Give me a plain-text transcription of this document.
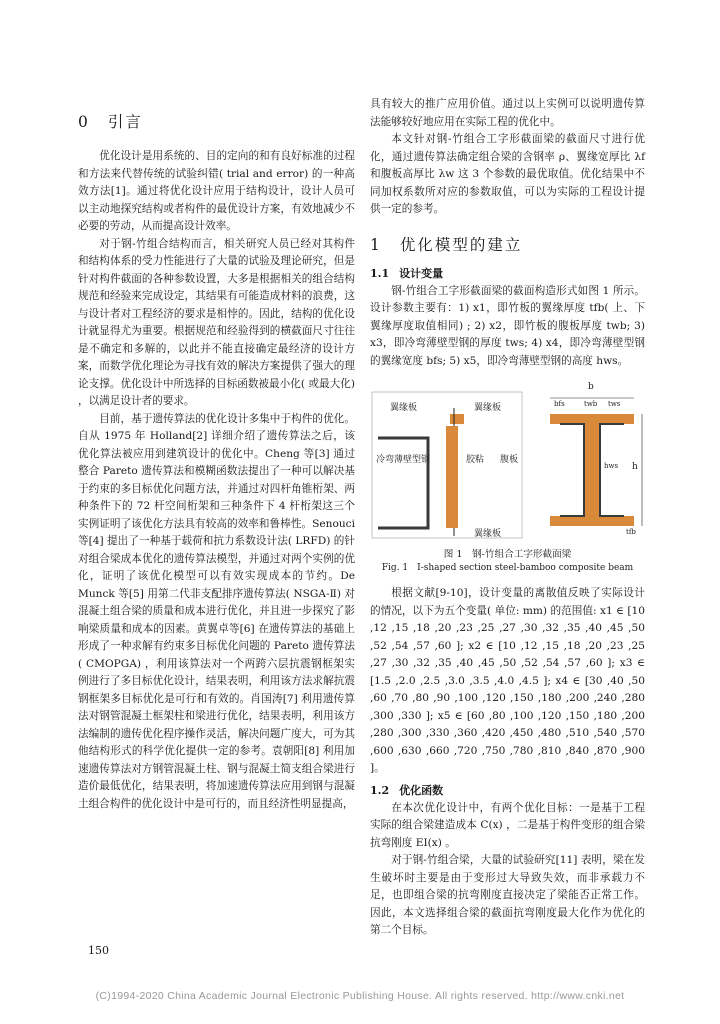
0 引言

优化设计是用系统的、目的定向的和有良好标准的过程和方法来代替传统的试验纠错( trial and error) 的一种高效方法[1]。通过将优化设计应用于结构设计，设计人员可以主动地探究结构或者构件的最优设计方案，有效地减少不必要的劳动，从而提高设计效率。

对于钢-竹组合结构而言，相关研究人员已经对其构件和结构体系的受力性能进行了大量的试验及理论研究，但是针对构件截面的各种参数设置，大多是根据相关的组合结构规范和经验来完成设定，其结果有可能造成材料的浪费，这与设计者对工程经济的要求是相悖的。因此，结构的优化设计就显得尤为重要。根据规范和经验得到的横截面尺寸往往是不确定和多解的，以此并不能直接确定最经济的设计方案，而数学优化理论为寻找有效的解决方案提供了强大的理论支撑。优化设计中所选择的目标函数被最小化( 或最大化) ，以满足设计者的要求。

目前，基于遗传算法的优化设计多集中于构件的优化。自从 1975 年 Holland[2] 详细介绍了遗传算法之后，该优化算法被应用到建筑设计的优化中。Cheng 等[3] 通过整合 Pareto 遗传算法和模糊函数法提出了一种可以解决基于约束的多目标优化问题方法，并通过对四杆角锥桁架、两种条件下的 72 杆空间桁架和三种条件下 4 杆桁架这三个实例证明了该优化方法具有较高的效率和鲁棒性。Senouci 等[4] 提出了一种基于载荷和抗力系数设计法( LRFD) 的针对组合梁成本优化的遗传算法模型，并通过对两个实例的优化，证明了该优化模型可以有效实现成本的节约。De Munck 等[5] 用第二代非支配排序遗传算法( NSGA-Ⅱ) 对混凝土组合梁的质量和成本进行优化，并且进一步探究了影响梁质量和成本的因素。黄翼卓等[6] 在遗传算法的基础上形成了一种求解有约束多目标优化问题的 Pareto 遗传算法( CMOPGA) ，利用该算法对一个两跨六层抗震钢框架实例进行了多目标优化设计，结果表明，利用该方法求解抗震钢框架多目标优化是可行和有效的。肖国涛[7] 利用遗传算法对钢管混凝土框架柱和梁进行优化，结果表明，利用该方法编制的遗传优化程序操作灵活，解决问题广度大，可为其他结构形式的科学优化提供一定的参考。袁朝阳[8] 利用加速遗传算法对方钢管混凝土柱、钢与混凝土简支组合梁进行造价最低优化，结果表明，将加速遗传算法应用到钢与混凝土组合构件的优化设计中是可行的，而且经济性明显提高，

具有较大的推广应用价值。通过以上实例可以说明遗传算法能够较好地应用在实际工程的优化中。

本文针对钢-竹组合工字形截面梁的截面尺寸进行优化，通过遗传算法确定组合梁的含钢率 ρ、翼缘宽厚比 λf 和腹板高厚比 λw 这 3 个参数的最优取值。优化结果中不同加权系数所对应的参数取值，可以为实际的工程设计提供一定的参考。

1 优化模型的建立
1.1 设计变量

钢-竹组合工字形截面梁的截面构造形式如图 1 所示。设计参数主要有：1) x1，即竹板的翼缘厚度 tfb( 上、下翼缘厚度取值相同) ; 2) x2，即竹板的腹板厚度 twb; 3) x3，即冷弯薄壁型钢的厚度 tws; 4) x4，即冷弯薄壁型钢的翼缘宽度 bfs; 5) x5，即冷弯薄壁型钢的高度 hws。

翼缘板	翼缘板
冷弯薄壁型钢	胶粘 腹板
翼缘板
b
bfs	twb tws
hws h
tfb
图 1　钢-竹组合工字形截面梁
Fig. 1　I-shaped section steel-bamboo composite beam

根据文献[9-10]，设计变量的离散值反映了实际设计的情况，以下为五个变量( 单位: mm) 的范围值: x1 ∈ [10 ,12 ,15 ,18 ,20 ,23 ,25 ,27 ,30 ,32 ,35 ,40 ,45 ,50 ,52 ,54 ,57 ,60 ]; x2 ∈ [10 ,12 ,15 ,18 ,20 ,23 ,25 ,27 ,30 ,32 ,35 ,40 ,45 ,50 ,52 ,54 ,57 ,60 ]; x3 ∈ [1.5 ,2.0 ,2.5 ,3.0 ,3.5 ,4.0 ,4.5 ]; x4 ∈ [30 ,40 ,50 ,60 ,70 ,80 ,90 ,100 ,120 ,150 ,180 ,200 ,240 ,280 ,300 ,330 ]; x5 ∈ [60 ,80 ,100 ,120 ,150 ,180 ,200 ,280 ,300 ,330 ,360 ,420 ,450 ,480 ,510 ,540 ,570 ,600 ,630 ,660 ,720 ,750 ,780 ,810 ,840 ,870 ,900 ]。

1.2 优化函数

在本次优化设计中，有两个优化目标：一是基于工程实际的组合梁建造成本 C(x) ，二是基于构件变形的组合梁抗弯刚度 EI(x) 。

对于钢-竹组合梁，大量的试验研究[11] 表明，梁在发生破坏时主要是由于变形过大导致失效，而非承载力不足，也即组合梁的抗弯刚度直接决定了梁能否正常工作。因此，本文选择组合梁的截面抗弯刚度最大化作为优化的第二个目标。

150
(C)1994-2020 China Academic Journal Electronic Publishing House. All rights reserved. http://www.cnki.net
